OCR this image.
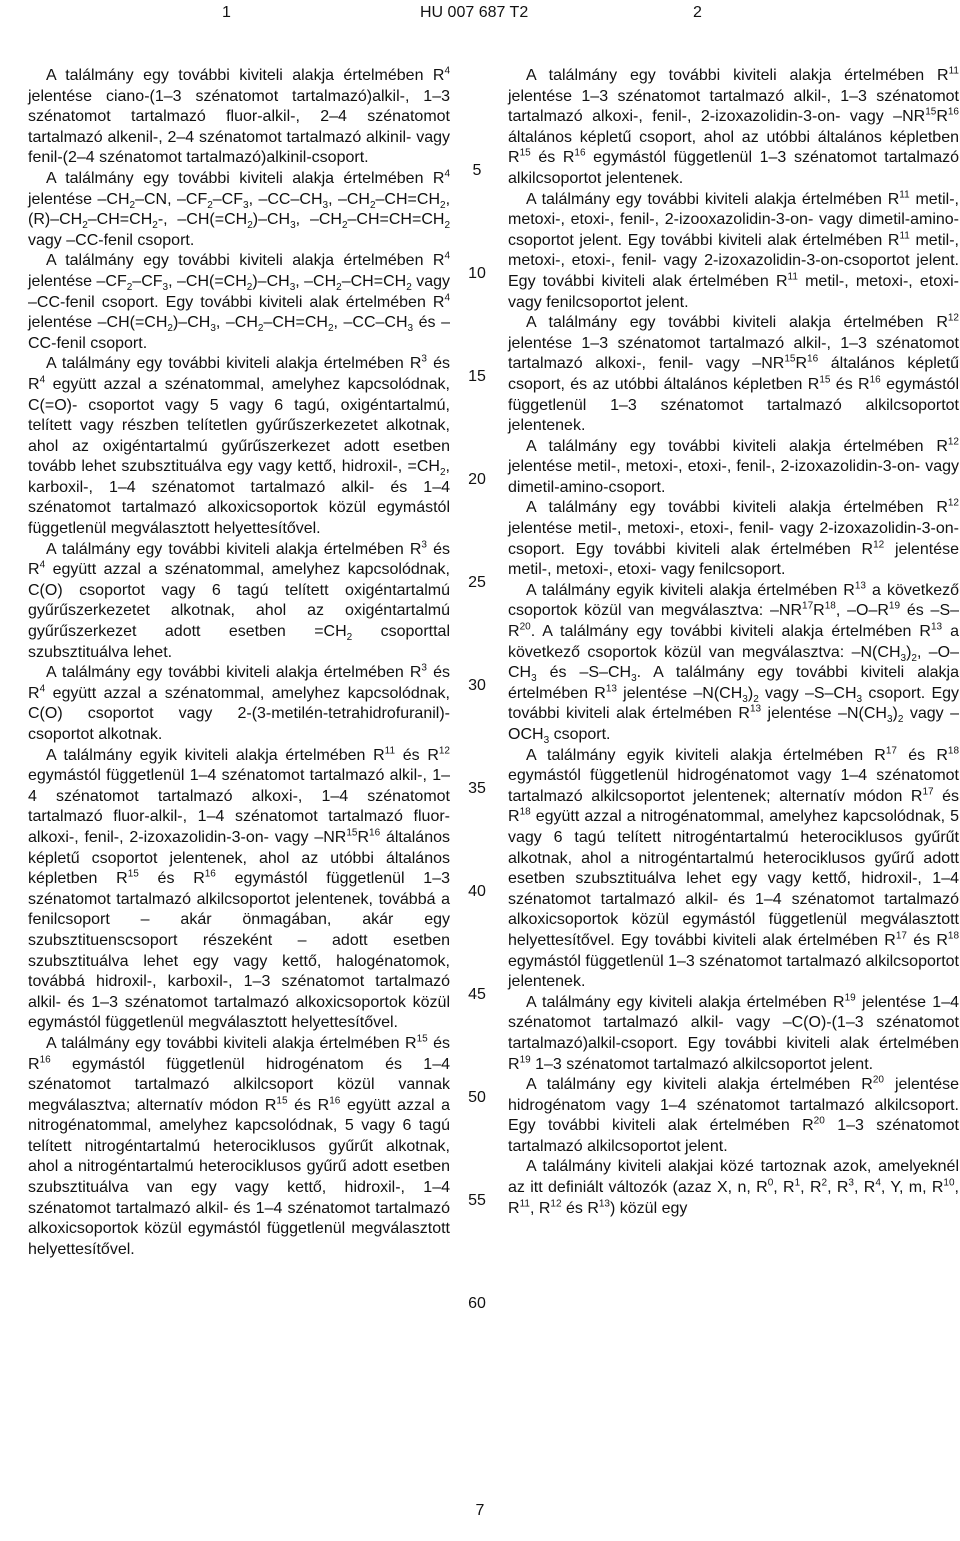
1	HU 007 687 T2	2

A találmány egy további kiviteli alakja értelmében $R^4$ jelentése ciano-(1–3 szénatomot tartalmazó)alkil-, 1–3 szénatomot tartalmazó fluor-alkil-, 2–4 szénatomot tartalmazó alkenil-, 2–4 szénatomot tartalmazó alkinil- vagy fenil-(2–4 szénatomot tartalmazó)alkinil-csoport.

A találmány egy további kiviteli alakja értelmében $R^4$ jelentése $-CH_2-CN$, $-CF_2-CF_3$, $-CC-CH_3$, $-CH_2-CH=CH_2$, $(R)-CH_2-CH=CH_2-$, $-CH(=CH_2)-CH_3$, $-CH_2-CH=CH=CH_2$ vagy –CC-fenil csoport.

A találmány egy további kiviteli alakja értelmében $R^4$ jelentése $-CF_2-CF_3$, $-CH(=CH_2)-CH_3$, $-CH_2-CH=CH_2$ vagy –CC-fenil csoport. Egy további kiviteli alak értelmében $R^4$ jelentése $-CH(=CH_2)-CH_3$, $-CH_2-CH=CH_2$, $-CC-CH_3$ és –CC-fenil csoport.

A találmány egy további kiviteli alakja értelmében $R^3$ és $R^4$ együtt azzal a szénatommal, amelyhez kapcsolódnak, C(=O)- csoportot vagy 5 vagy 6 tagú, oxigéntartalmú, telített vagy részben telítetlen gyűrűszerkezetet alkotnak, ahol az oxigéntartalmú gyűrűszerkezet adott esetben tovább lehet szubsztituálva egy vagy kettő, hidroxil-, $=CH_2$, karboxil-, 1–4 szénatomot tartalmazó alkil- és 1–4 szénatomot tartalmazó alkoxicsoportok közül egymástól függetlenül megválasztott helyettesítővel.

A találmány egy további kiviteli alakja értelmében $R^3$ és $R^4$ együtt azzal a szénatommal, amelyhez kapcsolódnak, C(O) csoportot vagy 6 tagú telített oxigéntartalmú gyűrűszerkezetet alkotnak, ahol az oxigéntartalmú gyűrűszerkezet adott esetben $=CH_2$ csoporttal szubsztituálva lehet.

A találmány egy további kiviteli alakja értelmében $R^3$ és $R^4$ együtt azzal a szénatommal, amelyhez kapcsolódnak, C(O) csoportot vagy 2-(3-metilén-tetrahidrofuranil)-csoportot alkotnak.

A találmány egyik kiviteli alakja értelmében $R^{11}$ és $R^{12}$ egymástól függetlenül 1–4 szénatomot tartalmazó alkil-, 1–4 szénatomot tartalmazó alkoxi-, 1–4 szénatomot tartalmazó fluor-alkil-, 1–4 szénatomot tartalmazó fluor-alkoxi-, fenil-, 2-izoxazolidin-3-on- vagy $-NR^{15}R^{16}$ általános képletű csoportot jelentenek, ahol az utóbbi általános képletben $R^{15}$ és $R^{16}$ egymástól függetlenül 1–3 szénatomot tartalmazó alkilcsoportot jelentenek, továbbá a fenilcsoport – akár önmagában, akár egy szubsztituenscsoport részeként – adott esetben szubsztituálva lehet egy vagy kettő, halogénatomok, továbbá hidroxil-, karboxil-, 1–3 szénatomot tartalmazó alkil- és 1–3 szénatomot tartalmazó alkoxicsoportok közül egymástól függetlenül megválasztott helyettesítővel.

A találmány egy további kiviteli alakja értelmében $R^{15}$ és $R^{16}$ egymástól függetlenül hidrogénatom és 1–4 szénatomot tartalmazó alkilcsoport közül vannak megválasztva; alternatív módon $R^{15}$ és $R^{16}$ együtt azzal a nitrogénatommal, amelyhez kapcsolódnak, 5 vagy 6 tagú telített nitrogéntartalmú heterociklusos gyűrűt alkotnak, ahol a nitrogéntartalmú heterociklusos gyűrű adott esetben szubsztituálva van egy vagy kettő, hidroxil-, 1–4 szénatomot tartalmazó alkil- és 1–4 szénatomot tartalmazó alkoxicsoportok közül egymástól függetlenül megválasztott helyettesítővel.

5
10
15
20
25
30
35
40
45
50
55
60

A találmány egy további kiviteli alakja értelmében $R^{11}$ jelentése 1–3 szénatomot tartalmazó alkil-, 1–3 szénatomot tartalmazó alkoxi-, fenil-, 2-izoxazolidin-3-on- vagy $-NR^{15}R^{16}$ általános képletű csoport, ahol az utóbbi általános képletben $R^{15}$ és $R^{16}$ egymástól függetlenül 1–3 szénatomot tartalmazó alkilcsoportot jelentenek.

A találmány egy további kiviteli alakja értelmében $R^{11}$ metil-, metoxi-, etoxi-, fenil-, 2-izooxazolidin-3-on- vagy dimetil-amino-csoportot jelent. Egy további kiviteli alak értelmében $R^{11}$ metil-, metoxi-, etoxi-, fenil- vagy 2-izoxazolidin-3-on-csoportot jelent. Egy további kiviteli alak értelmében $R^{11}$ metil-, metoxi-, etoxi- vagy fenilcsoportot jelent.

A találmány egy további kiviteli alakja értelmében $R^{12}$ jelentése 1–3 szénatomot tartalmazó alkil-, 1–3 szénatomot tartalmazó alkoxi-, fenil- vagy $-NR^{15}R^{16}$ általános képletű csoport, és az utóbbi általános képletben $R^{15}$ és $R^{16}$ egymástól függetlenül 1–3 szénatomot tartalmazó alkilcsoportot jelentenek.

A találmány egy további kiviteli alakja értelmében $R^{12}$ jelentése metil-, metoxi-, etoxi-, fenil-, 2-izoxazolidin-3-on- vagy dimetil-amino-csoport.

A találmány egy további kiviteli alakja értelmében $R^{12}$ jelentése metil-, metoxi-, etoxi-, fenil- vagy 2-izoxazolidin-3-on-csoport. Egy további kiviteli alak értelmében $R^{12}$ jelentése metil-, metoxi-, etoxi- vagy fenilcsoport.

A találmány egyik kiviteli alakja értelmében $R^{13}$ a következő csoportok közül van megválasztva: $-NR^{17}R^{18}$, $-O-R^{19}$ és $-S-R^{20}$. A találmány egy további kiviteli alakja értelmében $R^{13}$ a következő csoportok közül van megválasztva: $-N(CH_3)_2$, $-O-CH_3$ és $-S-CH_3$. A találmány egy további kiviteli alakja értelmében $R^{13}$ jelentése $-N(CH_3)_2$ vagy $-S-CH_3$ csoport. Egy további kiviteli alak értelmében $R^{13}$ jelentése $-N(CH_3)_2$ vagy $-OCH_3$ csoport.

A találmány egyik kiviteli alakja értelmében $R^{17}$ és $R^{18}$ egymástól függetlenül hidrogénatomot vagy 1–4 szénatomot tartalmazó alkilcsoportot jelentenek; alternatív módon $R^{17}$ és $R^{18}$ együtt azzal a nitrogénatommal, amelyhez kapcsolódnak, 5 vagy 6 tagú telített nitrogéntartalmú heterociklusos gyűrűt alkotnak, ahol a nitrogéntartalmú heterociklusos gyűrű adott esetben szubsztituálva lehet egy vagy kettő, hidroxil-, 1–4 szénatomot tartalmazó alkil- és 1–4 szénatomot tartalmazó alkoxicsoportok közül egymástól függetlenül megválasztott helyettesítővel. Egy további kiviteli alak értelmében $R^{17}$ és $R^{18}$ egymástól függetlenül 1–3 szénatomot tartalmazó alkilcsoportot jelentenek.

A találmány egy kiviteli alakja értelmében $R^{19}$ jelentése 1–4 szénatomot tartalmazó alkil- vagy –C(O)-(1–3 szénatomot tartalmazó)alkil-csoport. Egy további kiviteli alak értelmében $R^{19}$ 1–3 szénatomot tartalmazó alkilcsoportot jelent.

A találmány egy kiviteli alakja értelmében $R^{20}$ jelentése hidrogénatom vagy 1–4 szénatomot tartalmazó alkilcsoport. Egy további kiviteli alak értelmében $R^{20}$ 1–3 szénatomot tartalmazó alkilcsoportot jelent.

A találmány kiviteli alakjai közé tartoznak azok, amelyeknél az itt definiált változók (azaz X, n, $R^0$, $R^1$, $R^2$, $R^3$, $R^4$, Y, m, $R^{10}$, $R^{11}$, $R^{12}$ és $R^{13}$) közül egy

7
